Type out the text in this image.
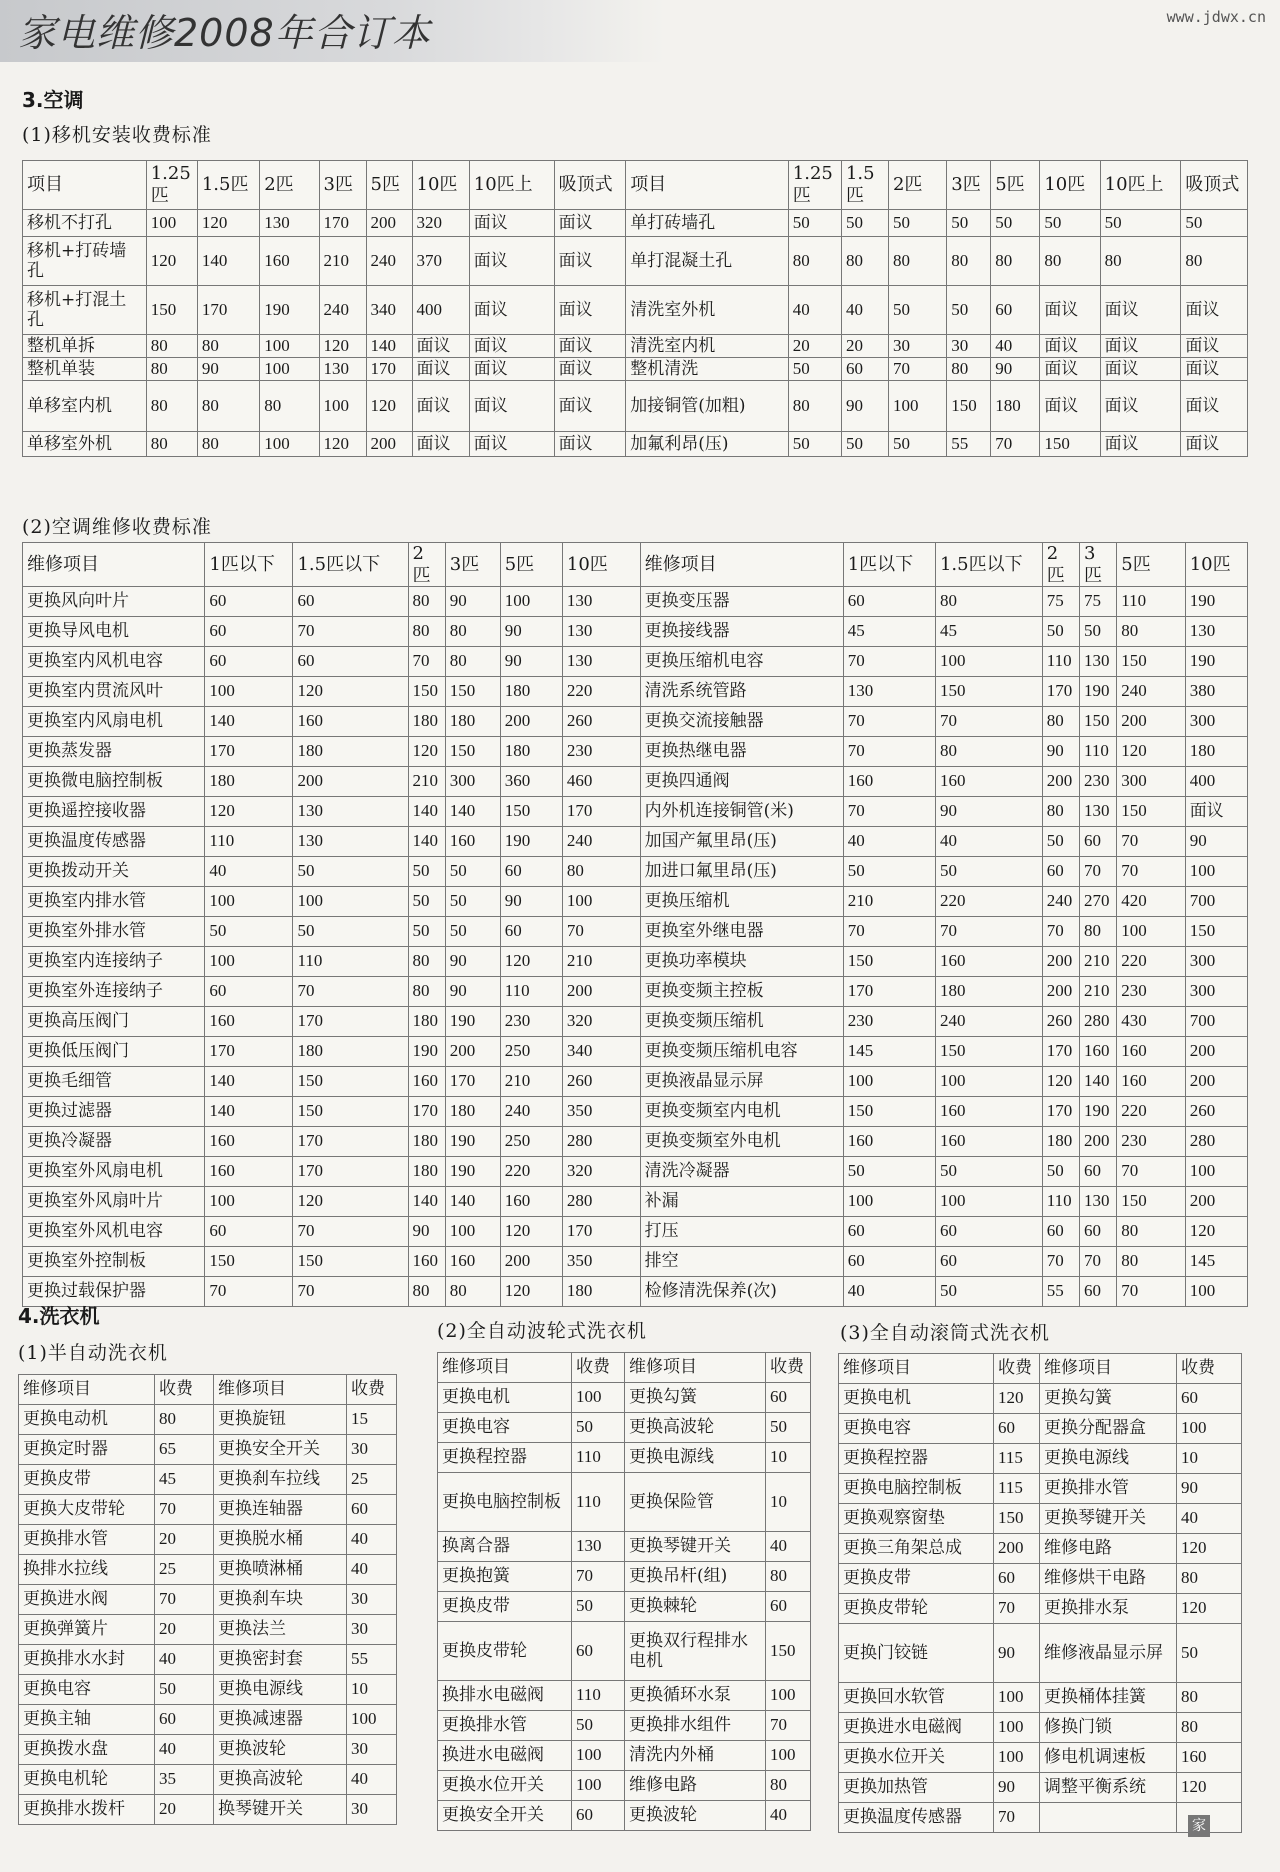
家电维修2008年合订本	www.jdwx.cn
3.空调
(1)移机安装收费标准
项目	1.25匹	1.5匹	2匹	3匹	5匹	10匹	10匹上	吸顶式	项目	1.25匹	1.5匹	2匹	3匹	5匹	10匹	10匹上	吸顶式
移机不打孔	100	120	130	170	200	320	面议	面议	单打砖墙孔	50	50	50	50	50	50	50	50
移机+打砖墙孔	120	140	160	210	240	370	面议	面议	单打混凝土孔	80	80	80	80	80	80	80	80
移机+打混土孔	150	170	190	240	340	400	面议	面议	清洗室外机	40	40	50	50	60	面议	面议	面议
整机单拆	80	80	100	120	140	面议	面议	面议	清洗室内机	20	20	30	30	40	面议	面议	面议
整机单装	80	90	100	130	170	面议	面议	面议	整机清洗	50	60	70	80	90	面议	面议	面议
单移室内机	80	80	80	100	120	面议	面议	面议	加接铜管(加粗)	80	90	100	150	180	面议	面议	面议
单移室外机	80	80	100	120	200	面议	面议	面议	加氟利昂(压)	50	50	50	55	70	150	面议	面议
(2)空调维修收费标准
维修项目	1匹以下	1.5匹以下	2匹	3匹	5匹	10匹	维修项目	1匹以下	1.5匹以下	2匹	3匹	5匹	10匹
更换风向叶片	60	60	80	90	100	130	更换变压器	60	80	75	75	110	190
更换导风电机	60	70	80	80	90	130	更换接线器	45	45	50	50	80	130
更换室内风机电容	60	60	70	80	90	130	更换压缩机电容	70	100	110	130	150	190
更换室内贯流风叶	100	120	150	150	180	220	清洗系统管路	130	150	170	190	240	380
更换室内风扇电机	140	160	180	180	200	260	更换交流接触器	70	70	80	150	200	300
更换蒸发器	170	180	120	150	180	230	更换热继电器	70	80	90	110	120	180
更换微电脑控制板	180	200	210	300	360	460	更换四通阀	160	160	200	230	300	400
更换遥控接收器	120	130	140	140	150	170	内外机连接铜管(米)	70	90	80	130	150	面议
更换温度传感器	110	130	140	160	190	240	加国产氟里昂(压)	40	40	50	60	70	90
更换拨动开关	40	50	50	50	60	80	加进口氟里昂(压)	50	50	60	70	70	100
更换室内排水管	100	100	50	50	90	100	更换压缩机	210	220	240	270	420	700
更换室外排水管	50	50	50	50	60	70	更换室外继电器	70	70	70	80	100	150
更换室内连接纳子	100	110	80	90	120	210	更换功率模块	150	160	200	210	220	300
更换室外连接纳子	60	70	80	90	110	200	更换变频主控板	170	180	200	210	230	300
更换高压阀门	160	170	180	190	230	320	更换变频压缩机	230	240	260	280	430	700
更换低压阀门	170	180	190	200	250	340	更换变频压缩机电容	145	150	170	160	160	200
更换毛细管	140	150	160	170	210	260	更换液晶显示屏	100	100	120	140	160	200
更换过滤器	140	150	170	180	240	350	更换变频室内电机	150	160	170	190	220	260
更换冷凝器	160	170	180	190	250	280	更换变频室外电机	160	160	180	200	230	280
更换室外风扇电机	160	170	180	190	220	320	清洗冷凝器	50	50	50	60	70	100
更换室外风扇叶片	100	120	140	140	160	280	补漏	100	100	110	130	150	200
更换室外风机电容	60	70	90	100	120	170	打压	60	60	60	60	80	120
更换室外控制板	150	150	160	160	200	350	排空	60	60	70	70	80	145
更换过载保护器	70	70	80	80	120	180	检修清洗保养(次)	40	50	55	60	70	100
4.洗衣机
(1)半自动洗衣机
(2)全自动波轮式洗衣机	(3)全自动滚筒式洗衣机
维修项目	收费	维修项目	收费
更换电动机	80	更换旋钮	15
更换定时器	65	更换安全开关	30
更换皮带	45	更换刹车拉线	25
更换大皮带轮	70	更换连轴器	60
更换排水管	20	更换脱水桶	40
换排水拉线	25	更换喷淋桶	40
更换进水阀	70	更换刹车块	30
更换弹簧片	20	更换法兰	30
更换排水水封	40	更换密封套	55
更换电容	50	更换电源线	10
更换主轴	60	更换减速器	100
更换拨水盘	40	更换波轮	30
更换电机轮	35	更换高波轮	40
更换排水拨杆	20	换琴键开关	30
维修项目	收费	维修项目	收费
更换电机	100	更换勾簧	60
更换电容	50	更换高波轮	50
更换程控器	110	更换电源线	10
更换电脑控制板	110	更换保险管	10
换离合器	130	更换琴键开关	40
更换抱簧	70	更换吊杆(组)	80
更换皮带	50	更换棘轮	60
更换皮带轮	60	更换双行程排水电机	150
换排水电磁阀	110	更换循环水泵	100
更换排水管	50	更换排水组件	70
换进水电磁阀	100	清洗内外桶	100
更换水位开关	100	维修电路	80
更换安全开关	60	更换波轮	40
维修项目	收费	维修项目	收费
更换电机	120	更换勾簧	60
更换电容	60	更换分配器盒	100
更换程控器	115	更换电源线	10
更换电脑控制板	115	更换排水管	90
更换观察窗垫	150	更换琴键开关	40
更换三角架总成	200	维修电路	120
更换皮带	60	维修烘干电路	80
更换皮带轮	70	更换排水泵	120
更换门铰链	90	维修液晶显示屏	50
更换回水软管	100	更换桶体挂簧	80
更换进水电磁阀	100	修换门锁	80
更换水位开关	100	修电机调速板	160
更换加热管	90	调整平衡系统	120
更换温度传感器	70			家
